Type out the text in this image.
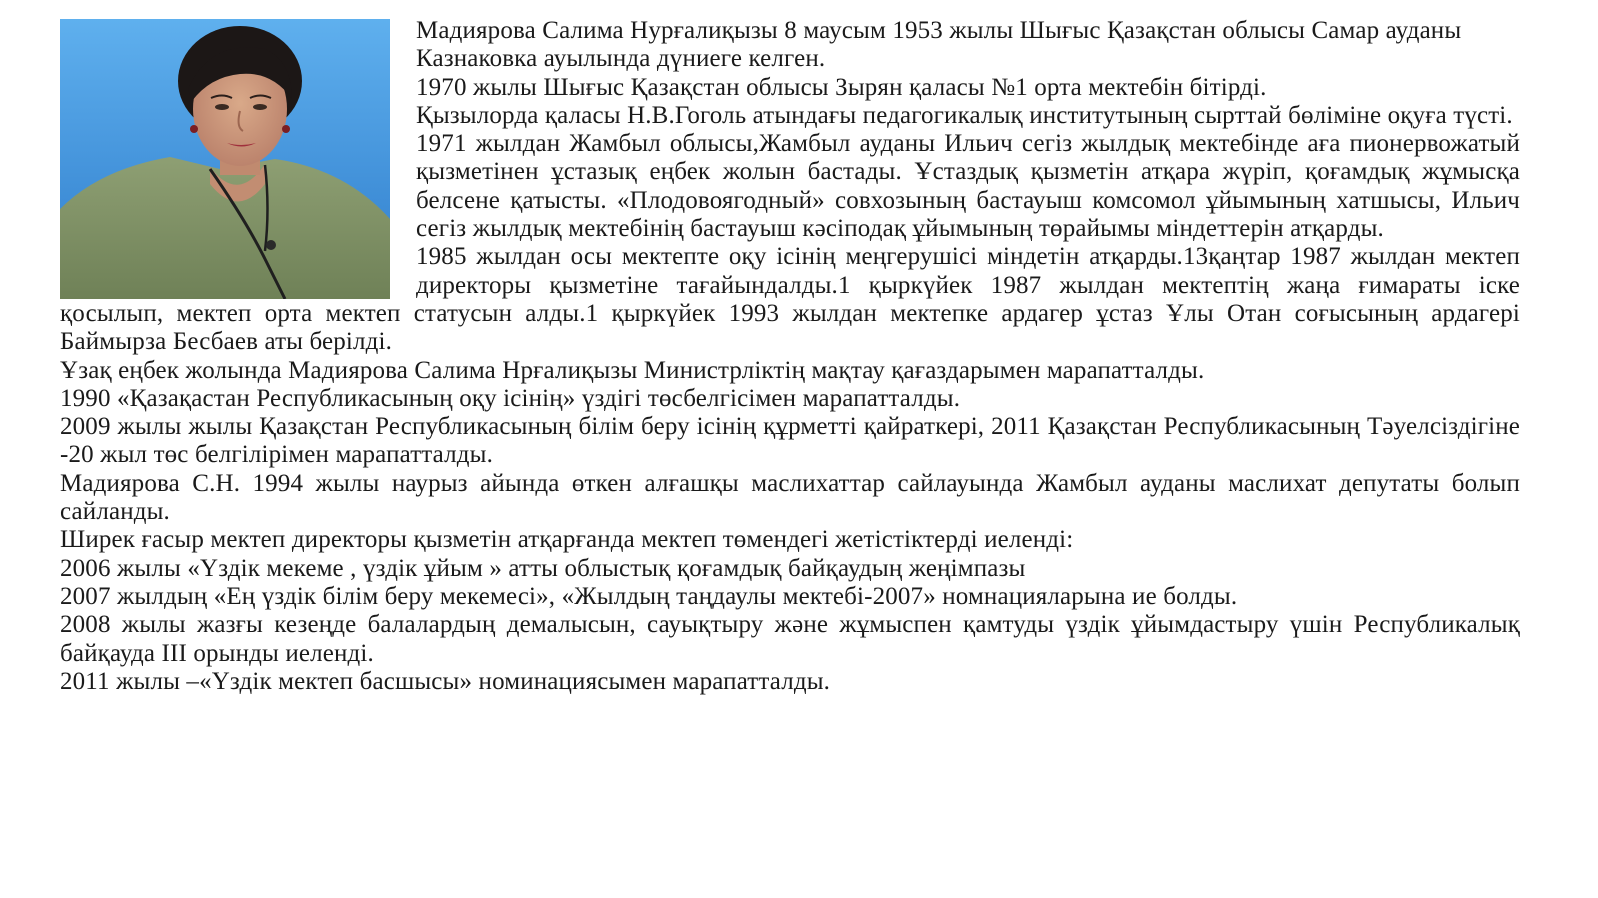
Мадиярова Салима Нурғалиқызы 8 маусым 1953 жылы Шығыс Қазақстан облысы Самар ауданы Казнаковка ауылында дүниеге келген.

1970 жылы Шығыс Қазақстан облысы Зырян қаласы №1 орта мектебін бітірді.

Қызылорда қаласы Н.В.Гоголь атындағы педагогикалық институтының сырттай бөліміне оқуға түсті.

1971 жылдан Жамбыл облысы,Жамбыл ауданы Ильич сегіз жылдық мектебінде аға пионервожатый қызметінен ұстазық еңбек жолын бастады. Ұстаздық қызметін атқара жүріп, қоғамдық жұмысқа белсене қатысты. «Плодовоягодный» совхозының бастауыш комсомол ұйымының хатшысы, Ильич сегіз жылдық мектебінің бастауыш кәсіподақ ұйымының төрайымы міндеттерін атқарды.

1985 жылдан осы мектепте оқу ісінің меңгерушісі міндетін атқарды.13қаңтар 1987 жылдан мектеп директоры қызметіне тағайындалды.1 қыркүйек 1987 жылдан мектептің жаңа ғимараты іске қосылып, мектеп орта мектеп статусын алды.1 қыркүйек 1993 жылдан мектепке ардагер ұстаз Ұлы Отан соғысының ардагері Баймырза Бесбаев аты берілді.

Ұзақ еңбек жолында Мадиярова Салима Нрғалиқызы Министрліктің мақтау қағаздарымен марапатталды.

1990 «Қазақастан Республикасының оқу ісінің» үздігі төсбелгісімен марапатталды.

2009 жылы жылы Қазақстан Республикасының білім беру ісінің құрметті қайраткері, 2011 Қазақстан Республикасының Тәуелсіздігіне -20 жыл төс белгілірімен марапатталды.

Мадиярова С.Н. 1994 жылы наурыз айында өткен алғашқы маслихаттар сайлауында Жамбыл ауданы маслихат депутаты болып сайланды.

Ширек ғасыр мектеп директоры қызметін атқарғанда мектеп төмендегі жетістіктерді иеленді:

2006 жылы «Үздік мекеме , үздік ұйым » атты облыстық қоғамдық байқаудың жеңімпазы

2007 жылдың «Ең үздік білім беру мекемесі», «Жылдың таңдаулы мектебі-2007» номнацияларына ие болды.

2008 жылы жазғы кезеңде балалардың демалысын, сауықтыру және жұмыспен қамтуды үздік ұйымдастыру үшін Республикалық байқауда ІІІ орынды иеленді.

2011 жылы –«Үздік мектеп басшысы» номинациясымен марапатталды.
